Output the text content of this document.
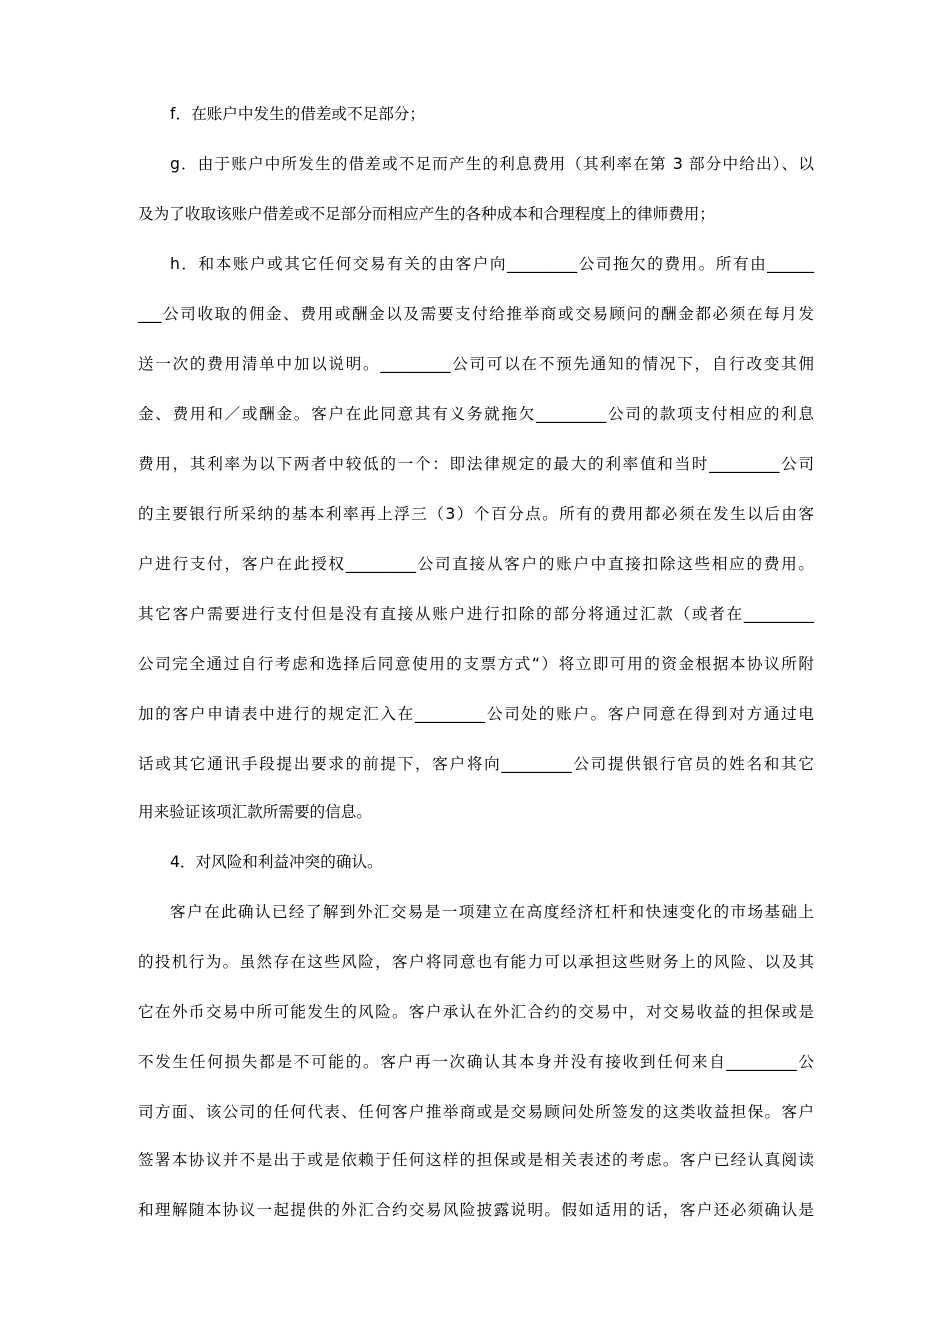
f．在账户中发生的借差或不足部分；
g．由于账户中所发生的借差或不足而产生的利息费用（其利率在第 3 部分中给出）、以
及为了收取该账户借差或不足部分而相应产生的各种成本和合理程度上的律师费用；
h．和本账户或其它任何交易有关的由客户向_________公司拖欠的费用。所有由______
___公司收取的佣金、费用或酬金以及需要支付给推举商或交易顾问的酬金都必须在每月发
送一次的费用清单中加以说明。_________公司可以在不预先通知的情况下，自行改变其佣
金、费用和／或酬金。客户在此同意其有义务就拖欠_________公司的款项支付相应的利息
费用，其利率为以下两者中较低的一个：即法律规定的最大的利率值和当时_________公司
的主要银行所采纳的基本利率再上浮三（3）个百分点。所有的费用都必须在发生以后由客
户进行支付，客户在此授权_________公司直接从客户的账户中直接扣除这些相应的费用。
其它客户需要进行支付但是没有直接从账户进行扣除的部分将通过汇款（或者在_________
公司完全通过自行考虑和选择后同意使用的支票方式“）将立即可用的资金根据本协议所附
加的客户申请表中进行的规定汇入在_________公司处的账户。客户同意在得到对方通过电
话或其它通讯手段提出要求的前提下，客户将向_________公司提供银行官员的姓名和其它
用来验证该项汇款所需要的信息。
4．对风险和利益冲突的确认。
客户在此确认已经了解到外汇交易是一项建立在高度经济杠杆和快速变化的市场基础上
的投机行为。虽然存在这些风险，客户将同意也有能力可以承担这些财务上的风险、以及其
它在外币交易中所可能发生的风险。客户承认在外汇合约的交易中，对交易收益的担保或是
不发生任何损失都是不可能的。客户再一次确认其本身并没有接收到任何来自_________公
司方面、该公司的任何代表、任何客户推举商或是交易顾问处所签发的这类收益担保。客户
签署本协议并不是出于或是依赖于任何这样的担保或是相关表述的考虑。客户已经认真阅读
和理解随本协议一起提供的外汇合约交易风险披露说明。假如适用的话，客户还必须确认是
